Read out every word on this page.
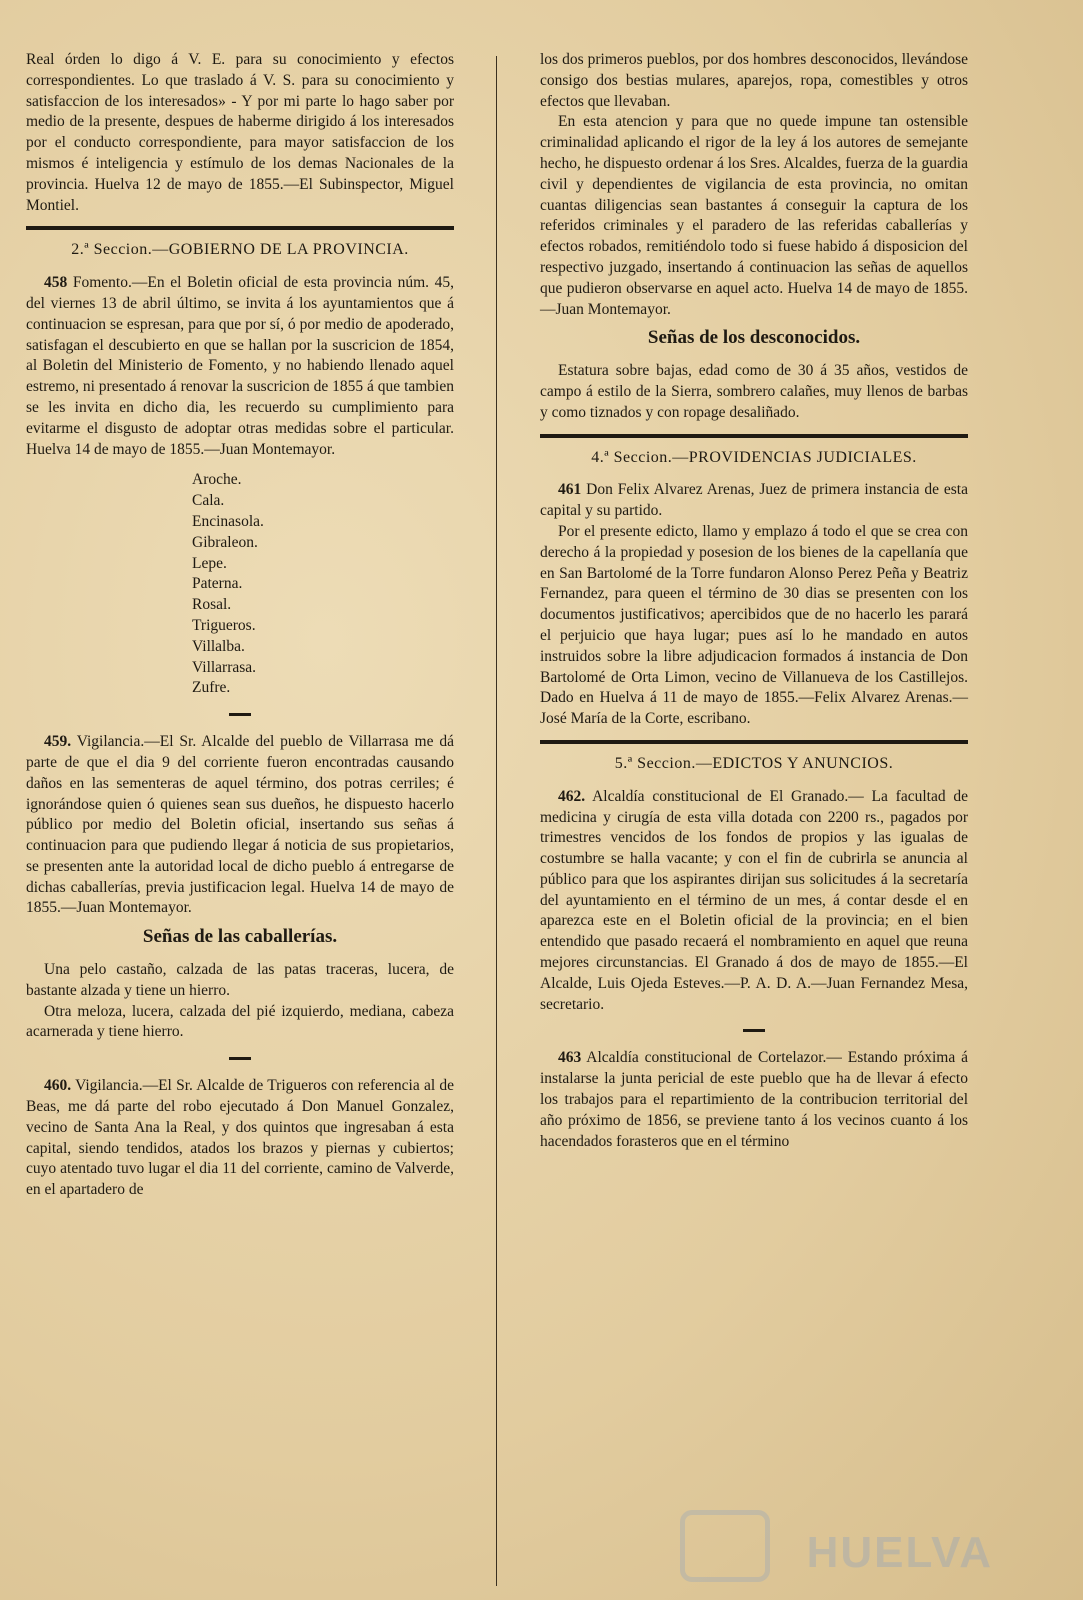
Real órden lo digo á V. E. para su conocimiento y efectos correspondientes. Lo que traslado á V. S. para su conocimiento y satisfaccion de los interesados» - Y por mi parte lo hago saber por medio de la presente, despues de haberme dirigido á los interesados por el conducto correspondiente, para mayor satisfaccion de los mismos é inteligencia y estímulo de los demas Nacionales de la provincia. Huelva 12 de mayo de 1855.—El Subinspector, Miguel Montiel.

2.ª Seccion.—GOBIERNO DE LA PROVINCIA.

458 Fomento.—En el Boletin oficial de esta provincia núm. 45, del viernes 13 de abril último, se invita á los ayuntamientos que á continuacion se espresan, para que por sí, ó por medio de apoderado, satisfagan el descubierto en que se hallan por la suscricion de 1854, al Boletin del Ministerio de Fomento, y no habiendo llenado aquel estremo, ni presentado á renovar la suscricion de 1855 á que tambien se les invita en dicho dia, les recuerdo su cumplimiento para evitarme el disgusto de adoptar otras medidas sobre el particular. Huelva 14 de mayo de 1855.—Juan Montemayor.

Aroche.
Cala.
Encinasola.
Gibraleon.
Lepe.
Paterna.
Rosal.
Trigueros.
Villalba.
Villarrasa.
Zufre.

459. Vigilancia.—El Sr. Alcalde del pueblo de Villarrasa me dá parte de que el dia 9 del corriente fueron encontradas causando daños en las sementeras de aquel término, dos potras cerriles; é ignorándose quien ó quienes sean sus dueños, he dispuesto hacerlo público por medio del Boletin oficial, insertando sus señas á continuacion para que pudiendo llegar á noticia de sus propietarios, se presenten ante la autoridad local de dicho pueblo á entregarse de dichas caballerías, previa justificacion legal. Huelva 14 de mayo de 1855.—Juan Montemayor.

Señas de las caballerías.

Una pelo castaño, calzada de las patas traceras, lucera, de bastante alzada y tiene un hierro.

Otra meloza, lucera, calzada del pié izquierdo, mediana, cabeza acarnerada y tiene hierro.

460. Vigilancia.—El Sr. Alcalde de Trigueros con referencia al de Beas, me dá parte del robo ejecutado á Don Manuel Gonzalez, vecino de Santa Ana la Real, y dos quintos que ingresaban á esta capital, siendo tendidos, atados los brazos y piernas y cubiertos; cuyo atentado tuvo lugar el dia 11 del corriente, camino de Valverde, en el apartadero de

los dos primeros pueblos, por dos hombres desconocidos, llevándose consigo dos bestias mulares, aparejos, ropa, comestibles y otros efectos que llevaban.

En esta atencion y para que no quede impune tan ostensible criminalidad aplicando el rigor de la ley á los autores de semejante hecho, he dispuesto ordenar á los Sres. Alcaldes, fuerza de la guardia civil y dependientes de vigilancia de esta provincia, no omitan cuantas diligencias sean bastantes á conseguir la captura de los referidos criminales y el paradero de las referidas caballerías y efectos robados, remitiéndolo todo si fuese habido á disposicion del respectivo juzgado, insertando á continuacion las señas de aquellos que pudieron observarse en aquel acto. Huelva 14 de mayo de 1855.—Juan Montemayor.

Señas de los desconocidos.

Estatura sobre bajas, edad como de 30 á 35 años, vestidos de campo á estilo de la Sierra, sombrero calañes, muy llenos de barbas y como tiznados y con ropage desaliñado.

4.ª Seccion.—PROVIDENCIAS JUDICIALES.

461 Don Felix Alvarez Arenas, Juez de primera instancia de esta capital y su partido.

Por el presente edicto, llamo y emplazo á todo el que se crea con derecho á la propiedad y posesion de los bienes de la capellanía que en San Bartolomé de la Torre fundaron Alonso Perez Peña y Beatriz Fernandez, para queen el término de 30 dias se presenten con los documentos justificativos; apercibidos que de no hacerlo les parará el perjuicio que haya lugar; pues así lo he mandado en autos instruidos sobre la libre adjudicacion formados á instancia de Don Bartolomé de Orta Limon, vecino de Villanueva de los Castillejos. Dado en Huelva á 11 de mayo de 1855.—Felix Alvarez Arenas.—José María de la Corte, escribano.

5.ª Seccion.—EDICTOS Y ANUNCIOS.

462. Alcaldía constitucional de El Granado.— La facultad de medicina y cirugía de esta villa dotada con 2200 rs., pagados por trimestres vencidos de los fondos de propios y las igualas de costumbre se halla vacante; y con el fin de cubrirla se anuncia al público para que los aspirantes dirijan sus solicitudes á la secretaría del ayuntamiento en el término de un mes, á contar desde el en aparezca este en el Boletin oficial de la provincia; en el bien entendido que pasado recaerá el nombramiento en aquel que reuna mejores circunstancias. El Granado á dos de mayo de 1855.—El Alcalde, Luis Ojeda Esteves.—P. A. D. A.—Juan Fernandez Mesa, secretario.

463 Alcaldía constitucional de Cortelazor.— Estando próxima á instalarse la junta pericial de este pueblo que ha de llevar á efecto los trabajos para el repartimiento de la contribucion territorial del año próximo de 1856, se previene tanto á los vecinos cuanto á los hacendados forasteros que en el término

HUELVA
